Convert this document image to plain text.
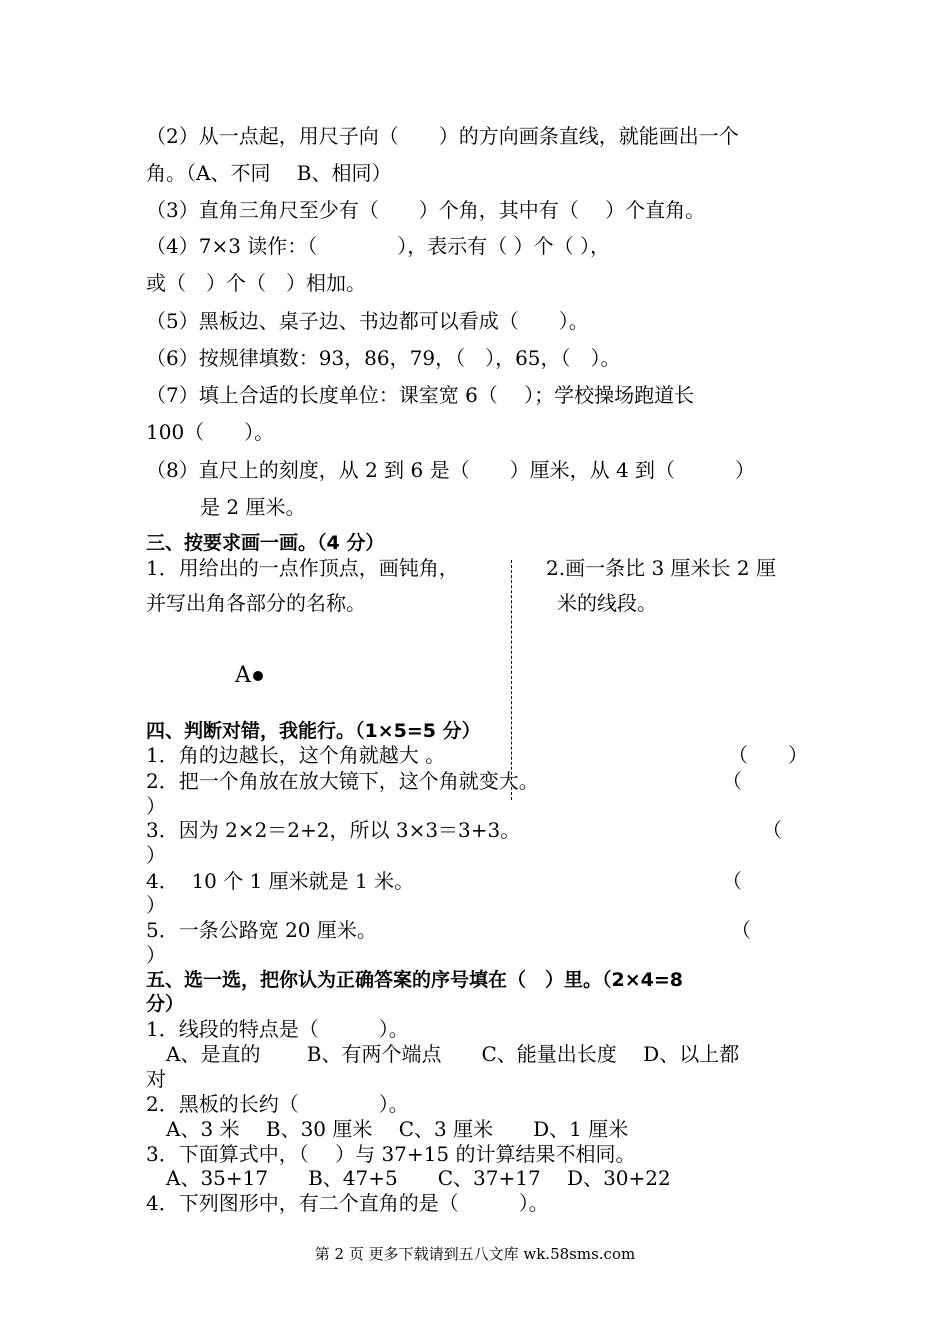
（2）从一点起，用尺子向（　　）的方向画条直线，就能画出一个
角。（A、不同　 B、相同）
（3）直角三角尺至少有（　　）个角，其中有（　 ）个直角。
（4）7×3 读作：（　　　　），表示有（ ）个（ ），
或（　）个（　）相加。
（5）黑板边、桌子边、书边都可以看成（　　）。
（6）按规律填数：93，86，79，（　），65，（　）。
（7）填上合适的长度单位：课室宽 6（　 ）；学校操场跑道长
100（　　）。
（8）直尺上的刻度，从 2 到 6 是（　　）厘米，从 4 到（　　　）
是 2 厘米。
三、按要求画一画。（4 分）
1．用给出的一点作顶点，画钝角，
并写出角各部分的名称。
2.画一条比 3 厘米长 2 厘
米的线段。
A
四、判断对错，我能行。（1×5=5 分）
1．角的边越长，这个角就越大 。	（　　）
2．把一个角放在放大镜下，这个角就变大。	（
）
3．因为 2×2＝2+2，所以 3×3＝3+3。	（
）
4．  10 个 1 厘米就是 1 米。	（
）
5．一条公路宽 20 厘米。	（
）
五、选一选，把你认为正确答案的序号填在（　）里。（2×4=8
分）
1．线段的特点是（　　　）。
　A、是直的　　 B、有两个端点　　C、能量出长度　 D、以上都
对
2．黑板的长约（　　　　）。
　A、3 米　 B、30 厘米　 C、3 厘米　　D、1 厘米
3．下面算式中，（　 ）与 37+15 的计算结果不相同。
　A、35+17　　B、47+5　　C、37+17　 D、30+22
4．下列图形中，有二个直角的是（　　　）。
第 2 页 更多下载请到五八文库 wk.58sms.com
